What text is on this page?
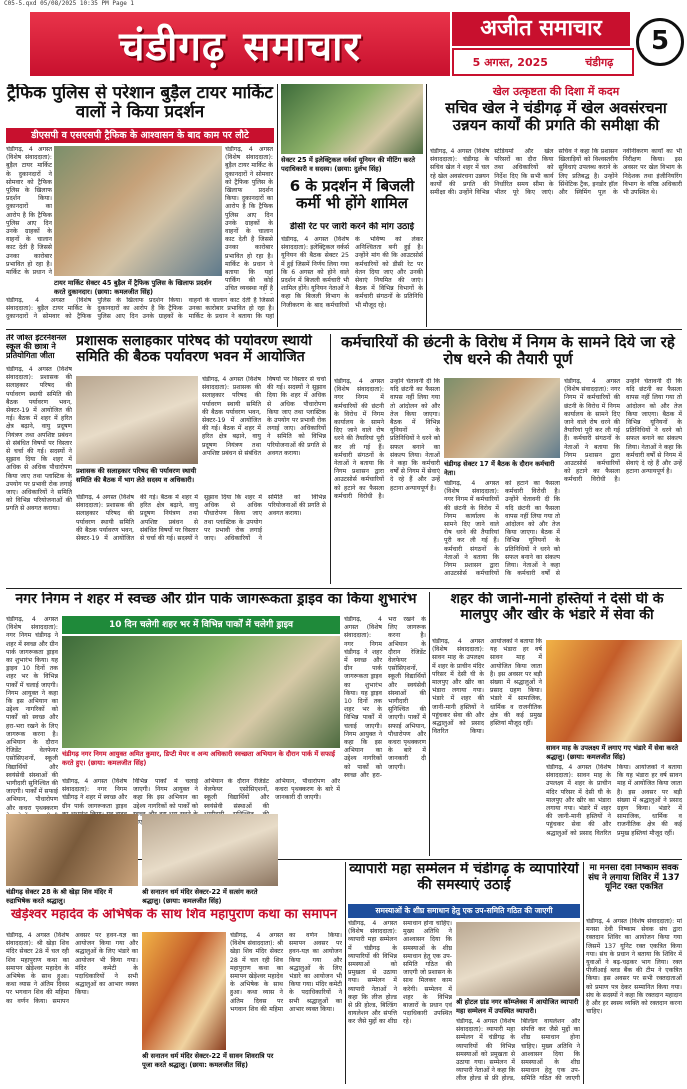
C05-5.qxd 05/08/2025 10:35 PM Page 1
चंडीगढ़ समाचार	अजीत समाचार
5 अगस्त, 2025	चंडीगढ़
5
ट्रैफिक पुलिस से परेशान बुड़ैल टायर मार्किट वालों ने किया प्रदर्शन
डीएसपी व एसएसपी ट्रैफिक के आश्वासन के बाद काम पर लौटे
चंडीगढ़, 4 अगस्त (विशेष संवाददाता): बुड़ैल टायर मार्किट के दुकानदारों ने सोमवार को ट्रैफिक पुलिस के खिलाफ प्रदर्शन किया। दुकानदारों का आरोप है कि ट्रैफिक पुलिस आए दिन उनके ग्राहकों के वाहनों के चालान काट देती है जिससे उनका कारोबार प्रभावित हो रहा है। मार्किट के प्रधान ने
चंडीगढ़, 4 अगस्त (विशेष संवाददाता): बुड़ैल टायर मार्किट के दुकानदारों ने सोमवार को ट्रैफिक पुलिस के खिलाफ प्रदर्शन किया। दुकानदारों का आरोप है कि ट्रैफिक पुलिस आए दिन उनके ग्राहकों के वाहनों के चालान काट देती है जिससे उनका कारोबार प्रभावित हो रहा है। मार्किट के प्रधान ने बताया कि यहां पार्किंग की कोई उचित व्यवस्था नहीं है
टायर मार्किट सेक्टर 45 बुड़ैल में ट्रैफिक पुलिस के खिलाफ प्रदर्शन करते दुकानदार। (छाया: कमलजीत सिंह)
चंडीगढ़, 4 अगस्त (विशेष संवाददाता): बुड़ैल टायर मार्किट के दुकानदारों ने सोमवार को ट्रैफिक पुलिस के खिलाफ प्रदर्शन किया। दुकानदारों का आरोप है कि ट्रैफिक पुलिस आए दिन उनके ग्राहकों के वाहनों के चालान काट देती है जिससे उनका कारोबार प्रभावित हो रहा है। मार्किट के प्रधान ने बताया कि यहां
सेक्टर 25 में इलेक्ट्रिकल वर्कर्स यूनियन की मीटिंग करते पदाधिकारी व सदस्य। (छाया: दुर्लभ सिंह)
6 के प्रदर्शन में बिजली कर्मी भी होंगे शामिल
डीसी रेट पर जारी करने की मांग उठाई
चंडीगढ़, 4 अगस्त (विशेष संवाददाता): इलेक्ट्रिकल वर्कर्स यूनियन की बैठक सेक्टर 25 में हुई जिसमें निर्णय लिया गया कि 6 अगस्त को होने वाले प्रदर्शन में बिजली कर्मचारी भी शामिल होंगे। यूनियन नेताओं ने कहा कि बिजली विभाग के निजीकरण के बाद कर्मचारियों के भविष्य को लेकर अनिश्चितता बनी हुई है। उन्होंने मांग की कि आउटसोर्स कर्मचारियों को डीसी रेट पर वेतन दिया जाए और उनकी सेवाएं नियमित की जाएं। बैठक में विभिन्न विभागों के कर्मचारी संगठनों के प्रतिनिधि भी मौजूद रहे।
खेल उत्कृष्टता की दिशा में कदम
सचिव खेल ने चंडीगढ़ में खेल अवसंरचना उन्नयन कार्यों की प्रगति की समीक्षा की
चंडीगढ़, 4 अगस्त (विशेष संवाददाता): चंडीगढ़ के सचिव खेल ने शहर में चल रहे खेल अवसंरचना उन्नयन कार्यों की प्रगति की समीक्षा की। उन्होंने विभिन्न स्टेडियमों और खेल परिसरों का दौरा किया तथा अधिकारियों को निर्देश दिए कि सभी कार्य निर्धारित समय सीमा के भीतर पूरे किए जाएं। सचिव ने कहा कि प्रशासन खिलाड़ियों को विश्वस्तरीय सुविधाएं उपलब्ध कराने के लिए प्रतिबद्ध है। उन्होंने सिंथेटिक ट्रैक, इनडोर हॉल और स्विमिंग पूल के नवीनीकरण कार्यों का भी निरीक्षण किया। इस अवसर पर खेल विभाग के निदेशक तथा इंजीनियरिंग विभाग के वरिष्ठ अधिकारी भी उपस्थित थे।
तेरे जोश्त इंटरनेशनल स्कूल की छात्रा ने प्रतियोगिता जीता
चंडीगढ़, 4 अगस्त (विशेष संवाददाता): प्रशासक की सलाहकार परिषद की पर्यावरण स्थायी समिति की बैठक पर्यावरण भवन, सेक्टर-19 में आयोजित की गई। बैठक में शहर में हरित क्षेत्र बढ़ाने, वायु प्रदूषण नियंत्रण तथा अपशिष्ट प्रबंधन से संबंधित विषयों पर विस्तार से चर्चा की गई। सदस्यों ने सुझाव दिया कि शहर में अधिक से अधिक पौधारोपण किया जाए तथा प्लास्टिक के उपयोग पर प्रभावी रोक लगाई जाए। अधिकारियों ने समिति को विभिन्न परियोजनाओं की प्रगति से अवगत कराया।
प्रशासक सलाहकार परिषद की पर्यावरण स्थायी समिति की बैठक पर्यावरण भवन में आयोजित
चंडीगढ़, 4 अगस्त (विशेष संवाददाता): प्रशासक की सलाहकार परिषद की पर्यावरण स्थायी समिति की बैठक पर्यावरण भवन, सेक्टर-19 में आयोजित की गई। बैठक में शहर में हरित क्षेत्र बढ़ाने, वायु प्रदूषण नियंत्रण तथा अपशिष्ट प्रबंधन से संबंधित विषयों पर विस्तार से चर्चा की गई। सदस्यों ने सुझाव दिया कि शहर में अधिक से अधिक पौधारोपण किया जाए तथा प्लास्टिक के उपयोग पर प्रभावी रोक लगाई जाए। अधिकारियों ने समिति को विभिन्न परियोजनाओं की प्रगति से अवगत कराया।
प्रशासक की सलाहकार परिषद की पर्यावरण स्थायी समिति की बैठक में भाग लेते सदस्य व अधिकारी।
चंडीगढ़, 4 अगस्त (विशेष संवाददाता): प्रशासक की सलाहकार परिषद की पर्यावरण स्थायी समिति की बैठक पर्यावरण भवन, सेक्टर-19 में आयोजित की गई। बैठक में शहर में हरित क्षेत्र बढ़ाने, वायु प्रदूषण नियंत्रण तथा अपशिष्ट प्रबंधन से संबंधित विषयों पर विस्तार से चर्चा की गई। सदस्यों ने सुझाव दिया कि शहर में अधिक से अधिक पौधारोपण किया जाए तथा प्लास्टिक के उपयोग पर प्रभावी रोक लगाई जाए। अधिकारियों ने समिति को विभिन्न परियोजनाओं की प्रगति से अवगत कराया।
कर्मचारियों की छंटनी के विरोध में निगम के सामने दिये जा रहे रोष धरने की तैयारी पूर्ण
चंडीगढ़, 4 अगस्त (विशेष संवाददाता): नगर निगम में कर्मचारियों की छंटनी के विरोध में निगम कार्यालय के सामने दिए जाने वाले रोष धरने की तैयारियां पूरी कर ली गई हैं। कर्मचारी संगठनों के नेताओं ने बताया कि निगम प्रशासन द्वारा आउटसोर्स कर्मचारियों को हटाने का फैसला कर्मचारी विरोधी है। उन्होंने चेतावनी दी कि यदि छंटनी का फैसला वापस नहीं लिया गया तो आंदोलन को और तेज किया जाएगा। बैठक में विभिन्न यूनियनों के प्रतिनिधियों ने धरने को सफल बनाने का संकल्प लिया। नेताओं ने कहा कि कर्मचारी वर्षों से निगम में सेवाएं दे रहे हैं और उन्हें हटाना अन्यायपूर्ण है।
चंडीगढ़ सेक्टर 17 में बैठक के दौरान कर्मचारी नेता।
चंडीगढ़, 4 अगस्त (विशेष संवाददाता): नगर निगम में कर्मचारियों की छंटनी के विरोध में निगम कार्यालय के सामने दिए जाने वाले रोष धरने की तैयारियां पूरी कर ली गई हैं। कर्मचारी संगठनों के नेताओं ने बताया कि निगम प्रशासन द्वारा आउटसोर्स कर्मचारियों को हटाने का फैसला कर्मचारी विरोधी है। उन्होंने चेतावनी दी कि यदि छंटनी का फैसला वापस नहीं लिया गया तो आंदोलन को और तेज किया जाएगा। बैठक में विभिन्न यूनियनों के प्रतिनिधियों ने धरने को सफल बनाने का संकल्प लिया। नेताओं ने कहा कि कर्मचारी वर्षों से
चंडीगढ़, 4 अगस्त (विशेष संवाददाता): नगर निगम में कर्मचारियों की छंटनी के विरोध में निगम कार्यालय के सामने दिए जाने वाले रोष धरने की तैयारियां पूरी कर ली गई हैं। कर्मचारी संगठनों के नेताओं ने बताया कि निगम प्रशासन द्वारा आउटसोर्स कर्मचारियों को हटाने का फैसला कर्मचारी विरोधी है। उन्होंने चेतावनी दी कि यदि छंटनी का फैसला वापस नहीं लिया गया तो आंदोलन को और तेज किया जाएगा। बैठक में विभिन्न यूनियनों के प्रतिनिधियों ने धरने को सफल बनाने का संकल्प लिया। नेताओं ने कहा कि कर्मचारी वर्षों से निगम में सेवाएं दे रहे हैं और उन्हें हटाना अन्यायपूर्ण है।
नगर निगम ने शहर में स्वच्छ और ग्रीन पार्क जागरूकता ड्राइव का किया शुभारंभ
चंडीगढ़, 4 अगस्त (विशेष संवाददाता): नगर निगम चंडीगढ़ ने शहर में स्वच्छ और ग्रीन पार्क जागरूकता ड्राइव का शुभारंभ किया। यह ड्राइव 10 दिनों तक शहर भर के विभिन्न पार्कों में चलाई जाएगी। निगम आयुक्त ने कहा कि इस अभियान का उद्देश्य नागरिकों को पार्कों को स्वच्छ और हरा-भरा रखने के लिए जागरूक करना है। अभियान के दौरान रेजिडेंट वेलफेयर एसोसिएशनों, स्कूली विद्यार्थियों और स्वयंसेवी संस्थाओं की भागीदारी सुनिश्चित की जाएगी। पार्कों में सफाई अभियान, पौधारोपण और कचरा पृथक्करण
10 दिन चलेगी शहर भर में विभिन्न पार्कों में चलेगी ड्राइव
चंडीगढ़ नगर निगम आयुक्त अमित कुमार, डिप्टी मेयर व अन्य अधिकारी स्वच्छता अभियान के दौरान पार्क में सफाई करते हुए। (छाया: कमलजीत सिंह)
चंडीगढ़, 4 अगस्त (विशेष संवाददाता): नगर निगम चंडीगढ़ ने शहर में स्वच्छ और ग्रीन पार्क जागरूकता ड्राइव विभिन्न पार्कों में चलाई जाएगी। निगम आयुक्त ने कहा कि इस अभियान का उद्देश्य नागरिकों को पार्कों को स्वच्छ अभियान के दौरान रेजिडेंट वेलफेयर एसोसिएशनों, स्कूली विद्यार्थियों और स्वयंसेवी संस्थाओं की अभियान, पौधारोपण और कचरा पृथक्करण के बारे में जानकारी दी जाएगी।
चंडीगढ़, 4 अगस्त (विशेष संवाददाता): नगर निगम चंडीगढ़ ने शहर में स्वच्छ और ग्रीन पार्क जागरूकता ड्राइव का शुभारंभ किया। यह ड्राइव 10 दिनों तक शहर भर के विभिन्न पार्कों में चलाई जाएगी। निगम आयुक्त ने कहा कि इस अभियान का उद्देश्य नागरिकों को पार्कों को स्वच्छ और हरा-भरा रखने के लिए जागरूक करना है। अभियान के दौरान रेजिडेंट वेलफेयर एसोसिएशनों, स्कूली विद्यार्थियों और स्वयंसेवी संस्थाओं की भागीदारी सुनिश्चित की जाएगी। पार्कों में सफाई अभियान, पौधारोपण और कचरा पृथक्करण के बारे में जानकारी दी जाएगी।
शहर की जानी-मानी हस्तियों ने देसी घी के मालपुए और खीर के भंडारे में सेवा की
चंडीगढ़, 4 अगस्त (विशेष संवाददाता): सावन माह के उपलक्ष्य में शहर के प्राचीन मंदिर परिसर में देसी घी के मालपुए और खीर का भंडारा लगाया गया। भंडारे में शहर की जानी-मानी हस्तियों ने पहुंचकर सेवा की और श्रद्धालुओं को प्रसाद वितरित किया। आयोजकों ने बताया कि यह भंडारा हर वर्ष सावन माह में आयोजित किया जाता है। इस अवसर पर बड़ी संख्या में श्रद्धालुओं ने प्रसाद ग्रहण किया। भंडारे में सामाजिक, धार्मिक व राजनीतिक क्षेत्र की कई प्रमुख हस्तियां मौजूद रहीं।
सावन माह के उपलक्ष्य में लगाए गए भंडारे में सेवा करते श्रद्धालु। (छाया: कमलजीत सिंह)
चंडीगढ़, 4 अगस्त (विशेष संवाददाता): सावन माह के उपलक्ष्य में शहर के प्राचीन मंदिर परिसर में देसी घी के मालपुए और खीर का भंडारा लगाया गया। भंडारे में शहर की जानी-मानी हस्तियों ने पहुंचकर सेवा की और श्रद्धालुओं को प्रसाद वितरित किया। आयोजकों ने बताया कि यह भंडारा हर वर्ष सावन माह में आयोजित किया जाता है। इस अवसर पर बड़ी संख्या में श्रद्धालुओं ने प्रसाद ग्रहण किया। भंडारे में सामाजिक, धार्मिक व राजनीतिक क्षेत्र की कई प्रमुख हस्तियां मौजूद रहीं।
चंडीगढ़ सेक्टर 28 के श्री खेड़ा शिव मंदिर में रुद्राभिषेक करते श्रद्धालु।
श्री सनातन धर्म मंदिर सेक्टर-22 में सत्संग करते श्रद्धालु। (छाया: कमलजीत सिंह)
खेड़ेश्वर महादेव के अभिषेक के साथ शिव महापुराण कथा का समापन
चंडीगढ़, 4 अगस्त (विशेष संवाददाता): श्री खेड़ा शिव मंदिर सेक्टर 28 में चल रही शिव महापुराण कथा का समापन खेड़ेश्वर महादेव के अभिषेक के साथ हुआ। कथा व्यास ने अंतिम दिवस पर भगवान शिव की महिमा का वर्णन किया। समापन अवसर पर हवन-यज्ञ का आयोजन किया गया और श्रद्धालुओं के लिए भंडारे का आयोजन भी किया गया। मंदिर कमेटी के पदाधिकारियों ने सभी श्रद्धालुओं का आभार व्यक्त किया।
श्री सनातन धर्म मंदिर सेक्टर-22 में सावन शिवरात्रि पर पूजा करते श्रद्धालु। (छाया: कमलजीत सिंह)
चंडीगढ़, 4 अगस्त (विशेष संवाददाता): श्री खेड़ा शिव मंदिर सेक्टर 28 में चल रही शिव महापुराण कथा का समापन खेड़ेश्वर महादेव के अभिषेक के साथ हुआ। कथा व्यास ने अंतिम दिवस पर भगवान शिव की महिमा का वर्णन किया। समापन अवसर पर हवन-यज्ञ का आयोजन किया गया और श्रद्धालुओं के लिए भंडारे का आयोजन भी किया गया। मंदिर कमेटी के पदाधिकारियों ने सभी श्रद्धालुओं का आभार व्यक्त किया।
व्यापारी महा सम्मेलन में चंडीगढ़ के व्यापारियों की समस्याएं उठाई
समस्याओं के शीघ्र समाधान हेतु एक उप-समिति गठित की जाएगी
चंडीगढ़, 4 अगस्त (विशेष संवाददाता): व्यापारी महा सम्मेलन में चंडीगढ़ के व्यापारियों की विभिन्न समस्याओं को प्रमुखता से उठाया गया। सम्मेलन में व्यापारी नेताओं ने कहा कि लीज होल्ड से फ्री होल्ड, बिल्डिंग वायलेशन और संपत्ति कर जैसे मुद्दों का शीघ्र समाधान होना चाहिए। मुख्य अतिथि ने आश्वासन दिया कि समस्याओं के शीघ्र समाधान हेतु एक उप-समिति गठित की जाएगी जो प्रशासन के साथ मिलकर काम करेगी। सम्मेलन में शहर के विभिन्न बाजारों के प्रधान एवं पदाधिकारी उपस्थित रहे।
श्री होटल ग्रांड नगर कॉम्प्लेक्स में आयोजित व्यापारी महा सम्मेलन में उपस्थित व्यापारी।
चंडीगढ़, 4 अगस्त (विशेष संवाददाता): व्यापारी महा सम्मेलन में चंडीगढ़ के व्यापारियों की विभिन्न समस्याओं को प्रमुखता से उठाया गया। सम्मेलन में व्यापारी नेताओं ने कहा कि लीज होल्ड से फ्री होल्ड, बिल्डिंग वायलेशन और संपत्ति कर जैसे मुद्दों का शीघ्र समाधान होना चाहिए। मुख्य अतिथि ने आश्वासन दिया कि समस्याओं के शीघ्र समाधान हेतु एक उप-समिति गठित की जाएगी
मां मनसा देवी निष्काम सेवक संघ ने लगाया शिविर में 137 यूनिट रक्त एकत्रित
चंडीगढ़, 4 अगस्त (विशेष संवाददाता): मां मनसा देवी निष्काम सेवक संघ द्वारा रक्तदान शिविर का आयोजन किया गया जिसमें 137 यूनिट रक्त एकत्रित किया गया। संघ के प्रधान ने बताया कि शिविर में युवाओं ने बढ़-चढ़कर भाग लिया। रक्त पीजीआई ब्लड बैंक की टीम ने एकत्रित किया। इस अवसर पर सभी रक्तदाताओं को प्रमाण पत्र देकर सम्मानित किया गया। संघ के सदस्यों ने कहा कि रक्तदान महादान है और हर स्वस्थ व्यक्ति को रक्तदान करना चाहिए।
